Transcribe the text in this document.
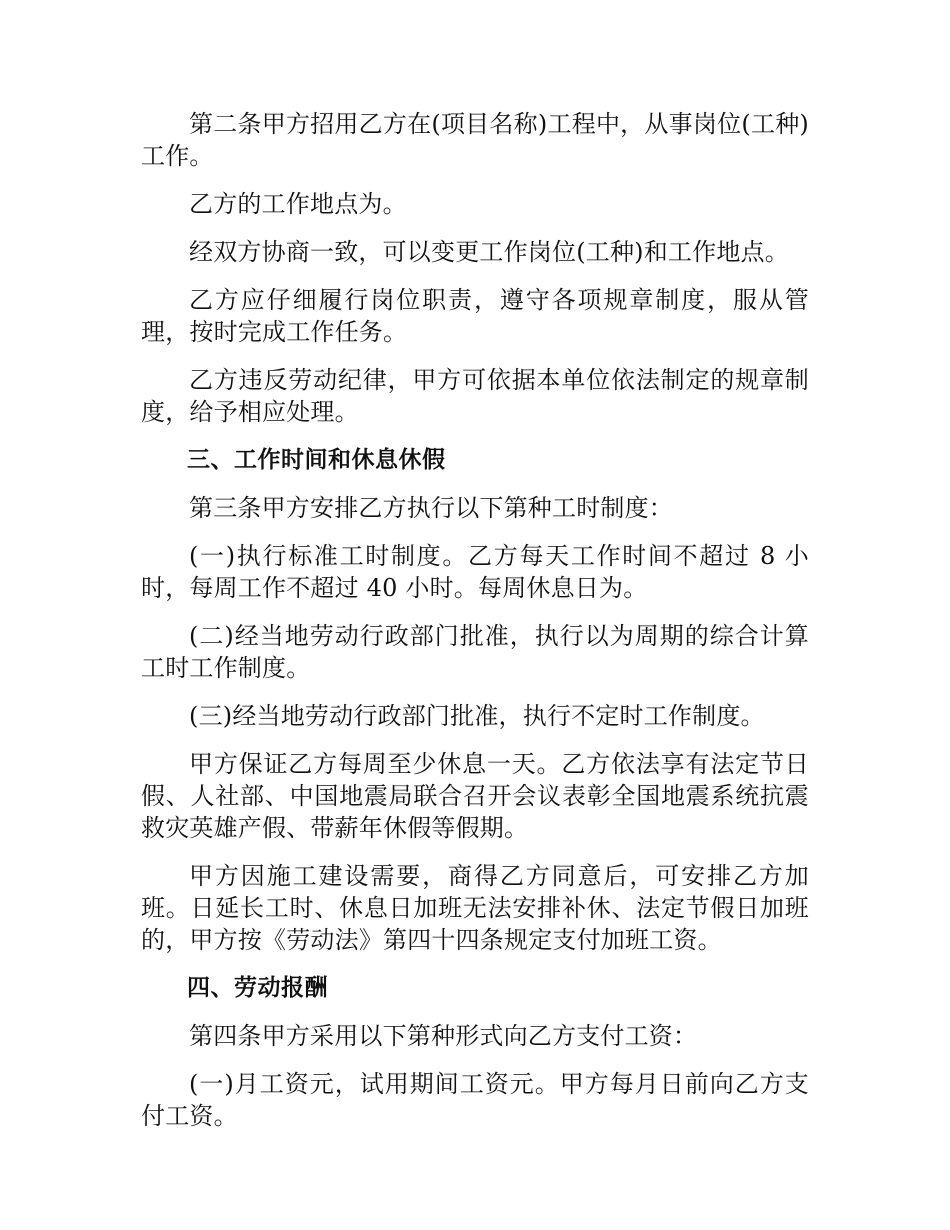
第二条甲方招用乙方在(项目名称)工程中，从事岗位(工种)工作。

乙方的工作地点为。

经双方协商一致，可以变更工作岗位(工种)和工作地点。

乙方应仔细履行岗位职责，遵守各项规章制度，服从管理，按时完成工作任务。

乙方违反劳动纪律，甲方可依据本单位依法制定的规章制度，给予相应处理。

三、工作时间和休息休假

第三条甲方安排乙方执行以下第种工时制度：

(一)执行标准工时制度。乙方每天工作时间不超过 8 小时，每周工作不超过 40 小时。每周休息日为。

(二)经当地劳动行政部门批准，执行以为周期的综合计算工时工作制度。

(三)经当地劳动行政部门批准，执行不定时工作制度。

甲方保证乙方每周至少休息一天。乙方依法享有法定节日假、人社部、中国地震局联合召开会议表彰全国地震系统抗震救灾英雄产假、带薪年休假等假期。

甲方因施工建设需要，商得乙方同意后，可安排乙方加班。日延长工时、休息日加班无法安排补休、法定节假日加班的，甲方按《劳动法》第四十四条规定支付加班工资。

四、劳动报酬

第四条甲方采用以下第种形式向乙方支付工资：

(一)月工资元，试用期间工资元。甲方每月日前向乙方支付工资。
